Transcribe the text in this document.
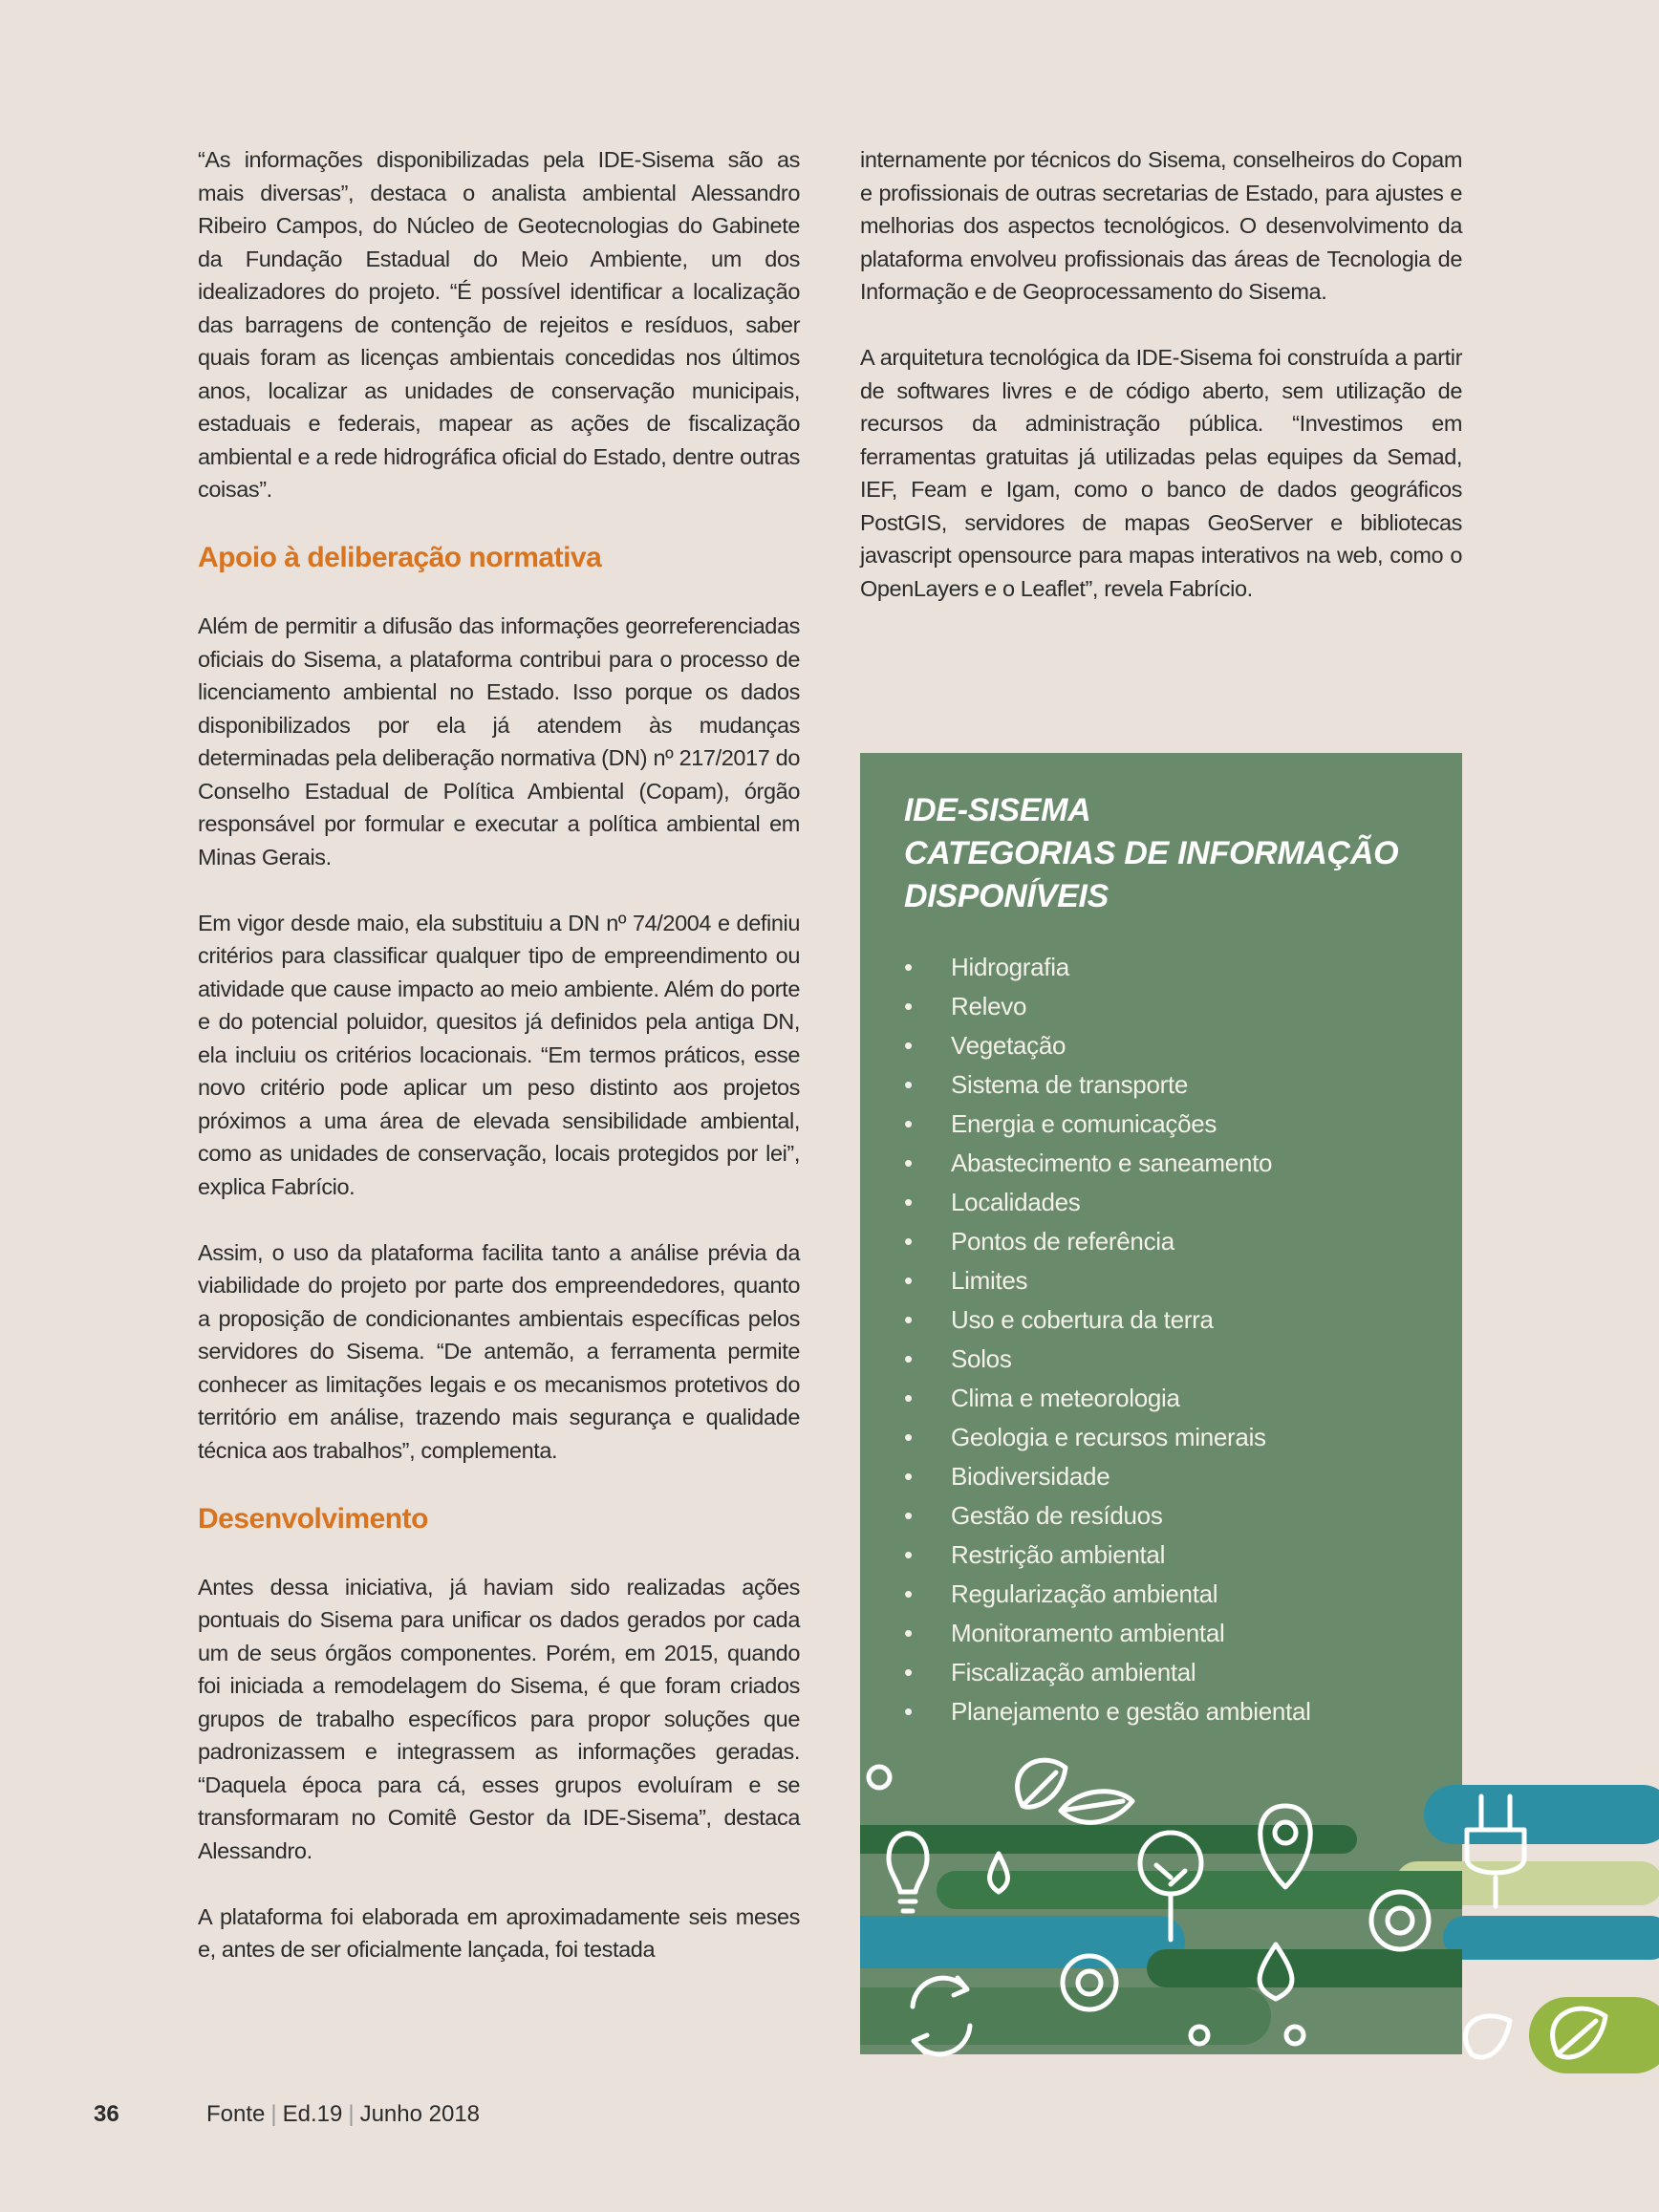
“As informações disponibilizadas pela IDE-Sisema são as mais diversas”, destaca o analista ambiental Alessandro Ribeiro Campos, do Núcleo de Geotecnologias do Gabinete da Fundação Estadual do Meio Ambiente, um dos idealizadores do projeto. “É possível identificar a localização das barragens de contenção de rejeitos e resíduos, saber quais foram as licenças ambientais concedidas nos últimos anos, localizar as unidades de conservação municipais, estaduais e federais, mapear as ações de fiscalização ambiental e a rede hidrográfica oficial do Estado, dentre outras coisas”.

Apoio à deliberação normativa

Além de permitir a difusão das informações georreferenciadas oficiais do Sisema, a plataforma contribui para o processo de licenciamento ambiental no Estado. Isso porque os dados disponibilizados por ela já atendem às mudanças determinadas pela deliberação normativa (DN) nº 217/2017 do Conselho Estadual de Política Ambiental (Copam), órgão responsável por formular e executar a política ambiental em Minas Gerais.

Em vigor desde maio, ela substituiu a DN nº 74/2004 e definiu critérios para classificar qualquer tipo de empreendimento ou atividade que cause impacto ao meio ambiente. Além do porte e do potencial poluidor, quesitos já definidos pela antiga DN, ela incluiu os critérios locacionais. “Em termos práticos, esse novo critério pode aplicar um peso distinto aos projetos próximos a uma área de elevada sensibilidade ambiental, como as unidades de conservação, locais protegidos por lei”, explica Fabrício.

Assim, o uso da plataforma facilita tanto a análise prévia da viabilidade do projeto por parte dos empreendedores, quanto a proposição de condicionantes ambientais específicas pelos servidores do Sisema. “De antemão, a ferramenta permite conhecer as limitações legais e os mecanismos protetivos do território em análise, trazendo mais segurança e qualidade técnica aos trabalhos”, complementa.

Desenvolvimento

Antes dessa iniciativa, já haviam sido realizadas ações pontuais do Sisema para unificar os dados gerados por cada um de seus órgãos componentes. Porém, em 2015, quando foi iniciada a remodelagem do Sisema, é que foram criados grupos de trabalho específicos para propor soluções que padronizassem e integrassem as informações geradas. “Daquela época para cá, esses grupos evoluíram e se transformaram no Comitê Gestor da IDE-Sisema”, destaca Alessandro.

A plataforma foi elaborada em aproximadamente seis meses e, antes de ser oficialmente lançada, foi testada

internamente por técnicos do Sisema, conselheiros do Copam e profissionais de outras secretarias de Estado, para ajustes e melhorias dos aspectos tecnológicos. O desenvolvimento da plataforma envolveu profissionais das áreas de Tecnologia de Informação e de Geoprocessamento do Sisema.

A arquitetura tecnológica da IDE-Sisema foi construída a partir de softwares livres e de código aberto, sem utilização de recursos da administração pública. “Investimos em ferramentas gratuitas já utilizadas pelas equipes da Semad, IEF, Feam e Igam, como o banco de dados geográficos PostGIS, servidores de mapas GeoServer e bibliotecas javascript opensource para mapas interativos na web, como o OpenLayers e o Leaflet”, revela Fabrício.

IDE-SISEMA
CATEGORIAS DE INFORMAÇÃO
DISPONÍVEIS
• Hidrografia
• Relevo
• Vegetação
• Sistema de transporte
• Energia e comunicações
• Abastecimento e saneamento
• Localidades
• Pontos de referência
• Limites
• Uso e cobertura da terra
• Solos
• Clima e meteorologia
• Geologia e recursos minerais
• Biodiversidade
• Gestão de resíduos
• Restrição ambiental
• Regularização ambiental
• Monitoramento ambiental
• Fiscalização ambiental
• Planejamento e gestão ambiental
36	Fonte | Ed.19 | Junho 2018
